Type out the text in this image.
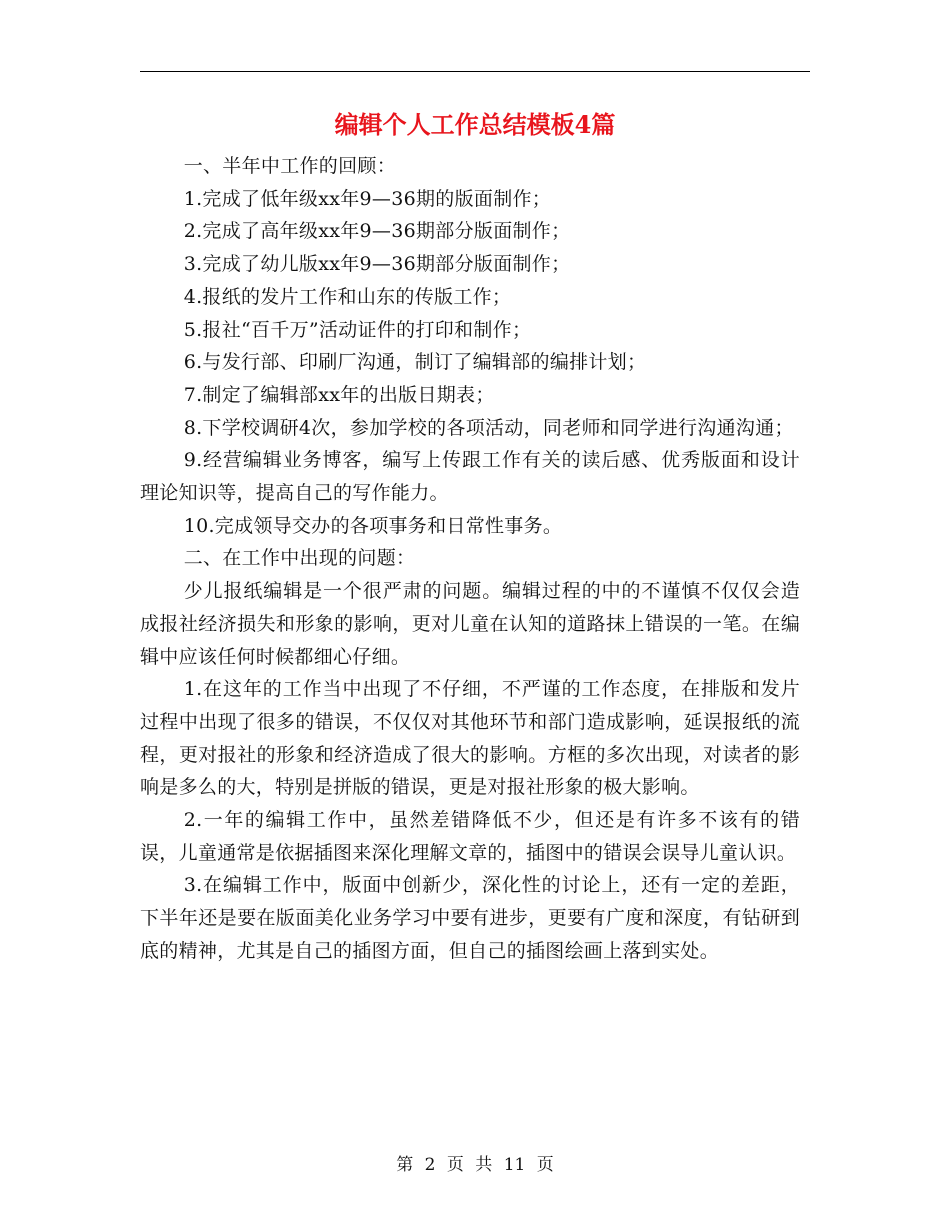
编辑个人工作总结模板4篇

一、半年中工作的回顾：

1.完成了低年级xx年9—36期的版面制作；

2.完成了高年级xx年9—36期部分版面制作；

3.完成了幼儿版xx年9—36期部分版面制作；

4.报纸的发片工作和山东的传版工作；

5.报社“百千万”活动证件的打印和制作；

6.与发行部、印刷厂沟通，制订了编辑部的编排计划；

7.制定了编辑部xx年的出版日期表；

8.下学校调研4次，参加学校的各项活动，同老师和同学进行沟通沟通；

9.经营编辑业务博客，编写上传跟工作有关的读后感、优秀版面和设计理论知识等，提高自己的写作能力。

10.完成领导交办的各项事务和日常性事务。

二、在工作中出现的问题：

少儿报纸编辑是一个很严肃的问题。编辑过程的中的不谨慎不仅仅会造成报社经济损失和形象的影响，更对儿童在认知的道路抹上错误的一笔。在编辑中应该任何时候都细心仔细。

1.在这年的工作当中出现了不仔细，不严谨的工作态度，在排版和发片过程中出现了很多的错误，不仅仅对其他环节和部门造成影响，延误报纸的流程，更对报社的形象和经济造成了很大的影响。方框的多次出现，对读者的影响是多么的大，特别是拼版的错误，更是对报社形象的极大影响。

2.一年的编辑工作中，虽然差错降低不少，但还是有许多不该有的错误，儿童通常是依据插图来深化理解文章的，插图中的错误会误导儿童认识。

3.在编辑工作中，版面中创新少，深化性的讨论上，还有一定的差距，下半年还是要在版面美化业务学习中要有进步，更要有广度和深度，有钻研到底的精神，尤其是自己的插图方面，但自己的插图绘画上落到实处。

第 2 页 共 11 页
